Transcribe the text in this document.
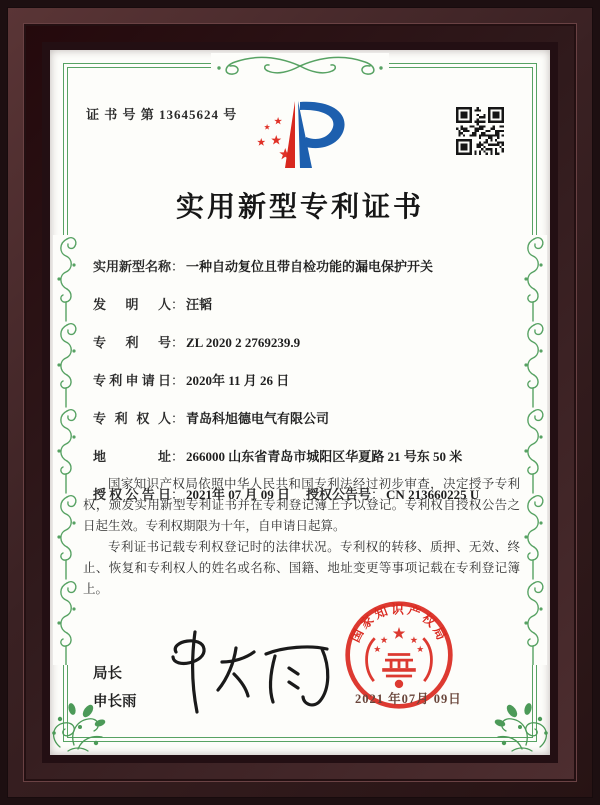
证 书 号 第 13645624 号
实用新型专利证书
实用新型名称 ： 一种自动复位且带自检功能的漏电保护开关
发明人 ： 汪韬
专利号 ： ZL 2020 2 2769239.9
专利申请日 ： 2020年 11 月 26 日
专利权人 ： 青岛科旭德电气有限公司
地址 ： 266000 山东省青岛市城阳区华夏路 21 号东 50 米
授权公告日 ： 2021年 07 月 09 日 授权公告号 ： CN 213660225 U

国家知识产权局依照中华人民共和国专利法经过初步审查，决定授予专利权，颁发实用新型专利证书并在专利登记簿上予以登记。专利权自授权公告之日起生效。专利权期限为十年，自申请日起算。

专利证书记载专利权登记时的法律状况。专利权的转移、质押、无效、终止、恢复和专利权人的姓名或名称、国籍、地址变更等事项记载在专利登记簿上。

局长
申长雨
国家知识产权局
2021 年07月 09日
